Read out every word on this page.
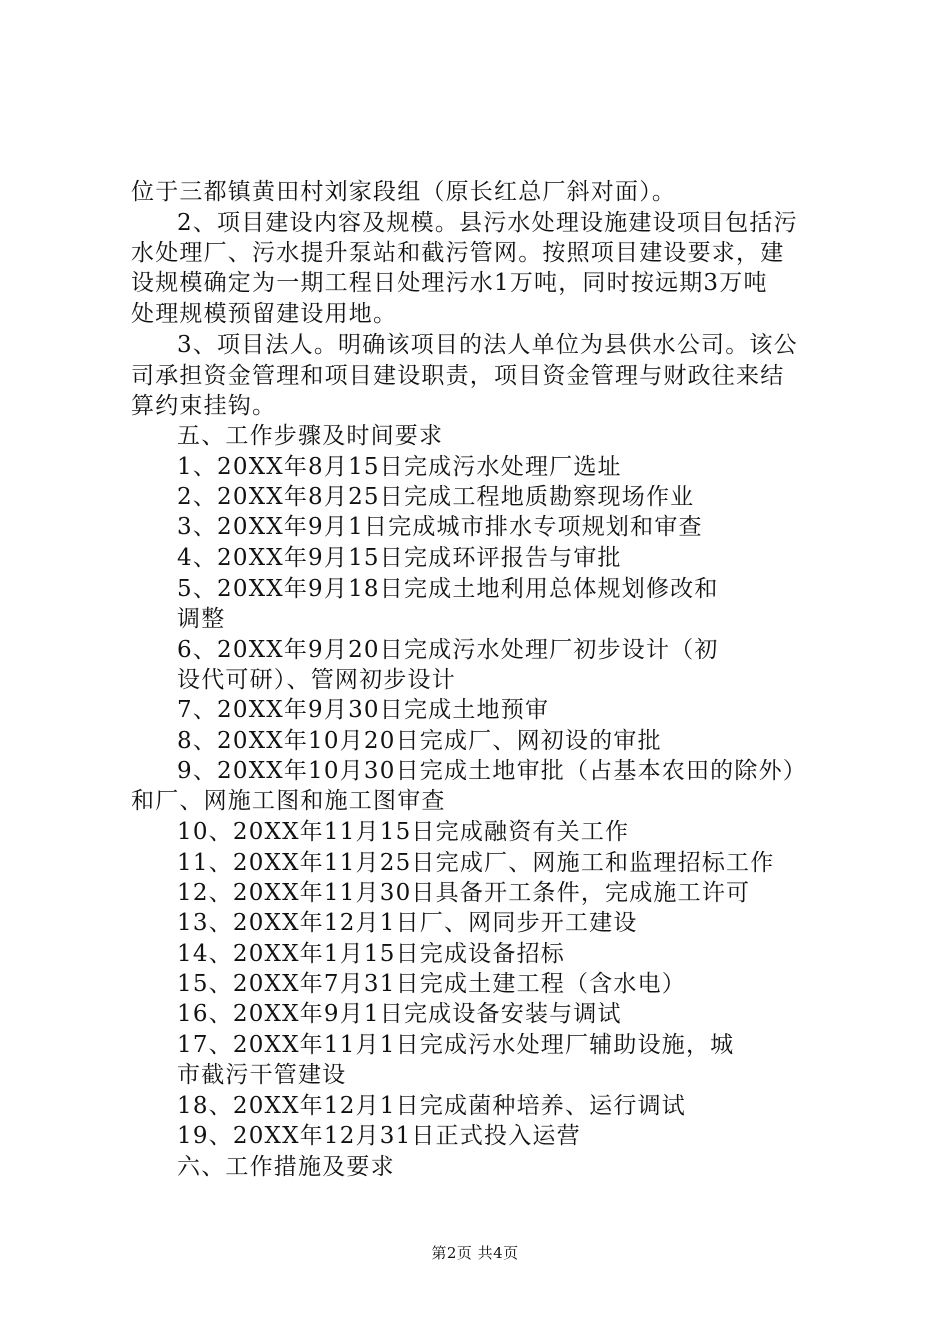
位于三都镇黄田村刘家段组（原长红总厂斜对面）。
2、项目建设内容及规模。县污水处理设施建设项目包括污
水处理厂、污水提升泵站和截污管网。按照项目建设要求，建
设规模确定为一期工程日处理污水1万吨，同时按远期3万吨
处理规模预留建设用地。
3、项目法人。明确该项目的法人单位为县供水公司。该公
司承担资金管理和项目建设职责，项目资金管理与财政往来结
算约束挂钩。
五、工作步骤及时间要求
1、20XX年8月15日完成污水处理厂选址
2、20XX年8月25日完成工程地质勘察现场作业
3、20XX年9月1日完成城市排水专项规划和审查
4、20XX年9月15日完成环评报告与审批
5、20XX年9月18日完成土地利用总体规划修改和
调整
6、20XX年9月20日完成污水处理厂初步设计（初
设代可研）、管网初步设计
7、20XX年9月30日完成土地预审
8、20XX年10月20日完成厂、网初设的审批
9、20XX年10月30日完成土地审批（占基本农田的除外）
和厂、网施工图和施工图审查
10、20XX年11月15日完成融资有关工作
11、20XX年11月25日完成厂、网施工和监理招标工作
12、20XX年11月30日具备开工条件，完成施工许可
13、20XX年12月1日厂、网同步开工建设
14、20XX年1月15日完成设备招标
15、20XX年7月31日完成土建工程（含水电）
16、20XX年9月1日完成设备安装与调试
17、20XX年11月1日完成污水处理厂辅助设施，城
市截污干管建设
18、20XX年12月1日完成菌种培养、运行调试
19、20XX年12月31日正式投入运营
六、工作措施及要求
第2页 共4页
